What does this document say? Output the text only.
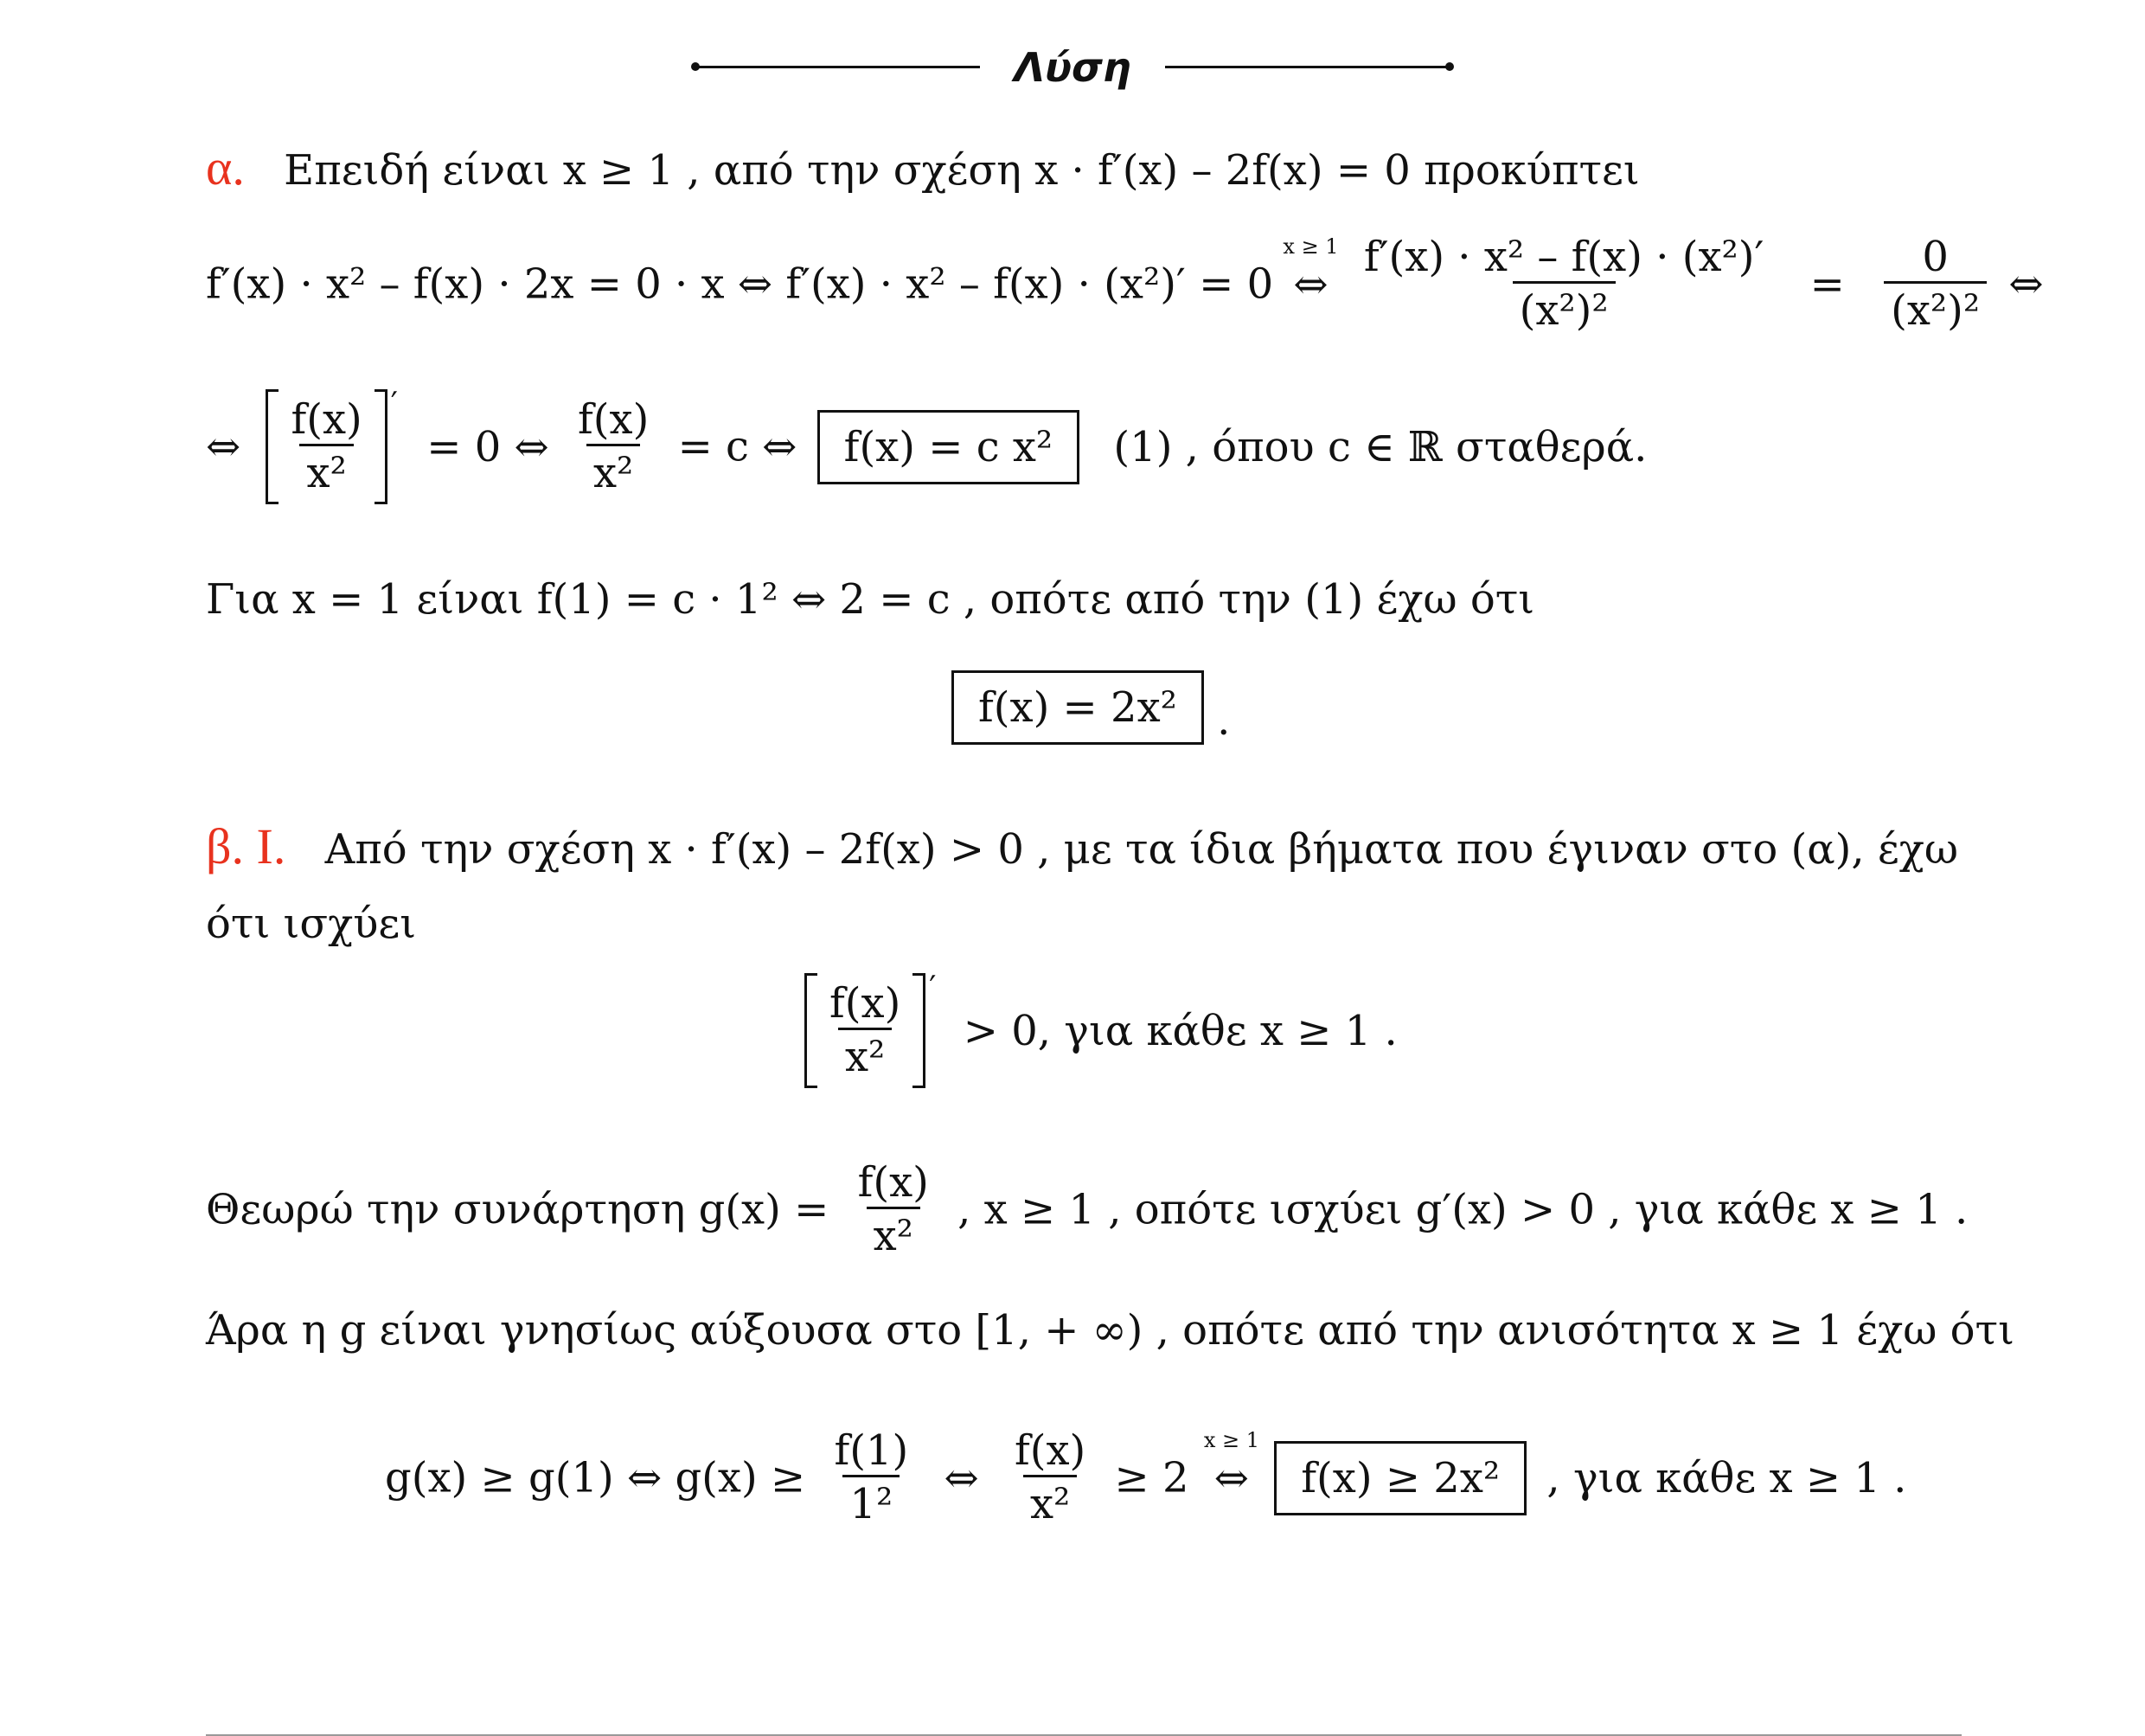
Λύση
α. Επειδή είναι x ≥ 1 , από την σχέση x · f′(x) – 2f(x) = 0 προκύπτει
f′(x) · x² – f(x) · 2x = 0 · x ⇔ f′(x) · x² – f(x) · (x²)′ = 0
x ≥ 1
⇔ $\frac{\text{f′(x) · x² – f(x) · (x²)′}}{\text{(x²)²}} = \frac{0}{\text{(x²)²}}$ ⇔
⇔ $\frac{f(x)}{\text{x²}} ' = 0$ ⇔ $\frac{f(x)}{\text{x²}} = c$ ⇔ f(x) = c x² (1) , όπου c ∈ ℝ σταθερά.
Για x = 1 είναι f(1) = c · 1² ⇔ 2 = c , οπότε από την (1) έχω ότι
f(x) = 2x² .
β. Ι. Από την σχέση x · f′(x) – 2f(x) > 0 , με τα ίδια βήματα που έγιναν στο (α), έχω
ότι ισχύει
$\frac{f(x)}{\text{x²}} ' > 0$, για κάθε x ≥ 1 .
Θεωρώ την συνάρτηση $g(x) = \frac{f(x)}{\text{x²}}$ , x ≥ 1 , οπότε ισχύει g′(x) > 0 , για κάθε x ≥ 1 .
Άρα η g είναι γνησίως αύξουσα στο [1, + ∞) , οπότε από την ανισότητα x ≥ 1 έχω ότι
g(x) ≥ g(1) ⇔ $g(x) \ge \frac{f(1)}{\text{1²}}$ ⇔ $\frac{f(x)}{\text{x²}} \ge 2$
x ≥ 1
⇔ f(x) ≥ 2x² , για κάθε x ≥ 1 .
